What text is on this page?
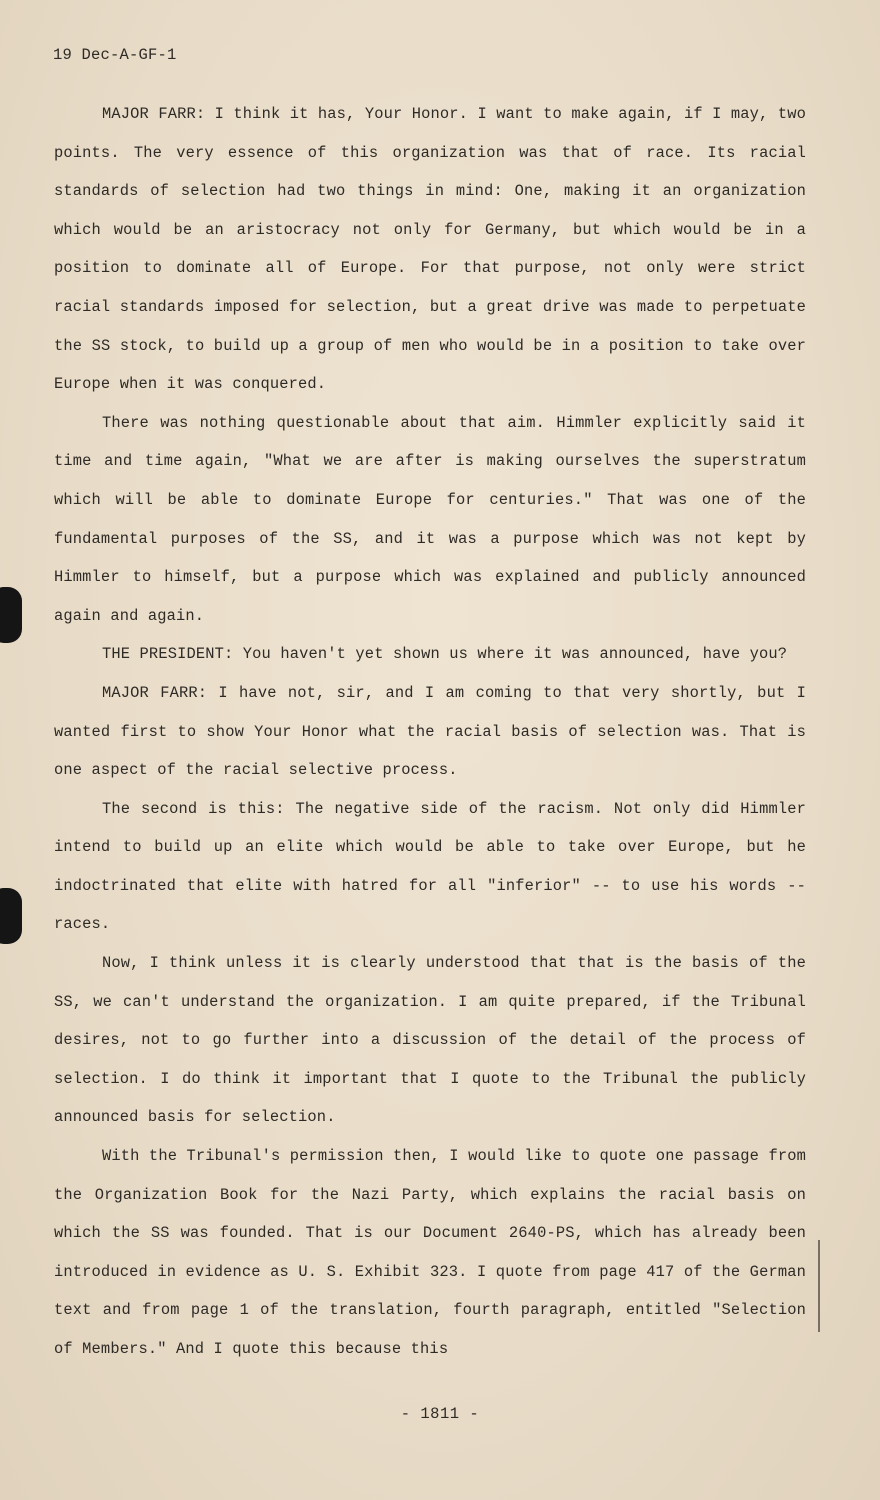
19 Dec-A-GF-1

MAJOR FARR: I think it has, Your Honor. I want to make again, if I may, two points. The very essence of this organization was that of race. Its racial standards of selection had two things in mind: One, making it an organization which would be an aristocracy not only for Germany, but which would be in a position to dominate all of Europe. For that purpose, not only were strict racial standards imposed for selection, but a great drive was made to perpetuate the SS stock, to build up a group of men who would be in a position to take over Europe when it was conquered.

There was nothing questionable about that aim. Himmler explicitly said it time and time again, "What we are after is making ourselves the superstratum which will be able to dominate Europe for centuries." That was one of the fundamental purposes of the SS, and it was a purpose which was not kept by Himmler to himself, but a purpose which was explained and publicly announced again and again.

THE PRESIDENT: You haven't yet shown us where it was announced, have you?

MAJOR FARR: I have not, sir, and I am coming to that very shortly, but I wanted first to show Your Honor what the racial basis of selection was. That is one aspect of the racial selective process.

The second is this: The negative side of the racism. Not only did Himmler intend to build up an elite which would be able to take over Europe, but he indoctrinated that elite with hatred for all "inferior" -- to use his words -- races.

Now, I think unless it is clearly understood that that is the basis of the SS, we can't understand the organization. I am quite prepared, if the Tribunal desires, not to go further into a discussion of the detail of the process of selection. I do think it important that I quote to the Tribunal the publicly announced basis for selection.

With the Tribunal's permission then, I would like to quote one passage from the Organization Book for the Nazi Party, which explains the racial basis on which the SS was founded. That is our Document 2640-PS, which has already been introduced in evidence as U. S. Exhibit 323. I quote from page 417 of the German text and from page 1 of the translation, fourth paragraph, entitled "Selection of Members." And I quote this because this

- 1811 -
